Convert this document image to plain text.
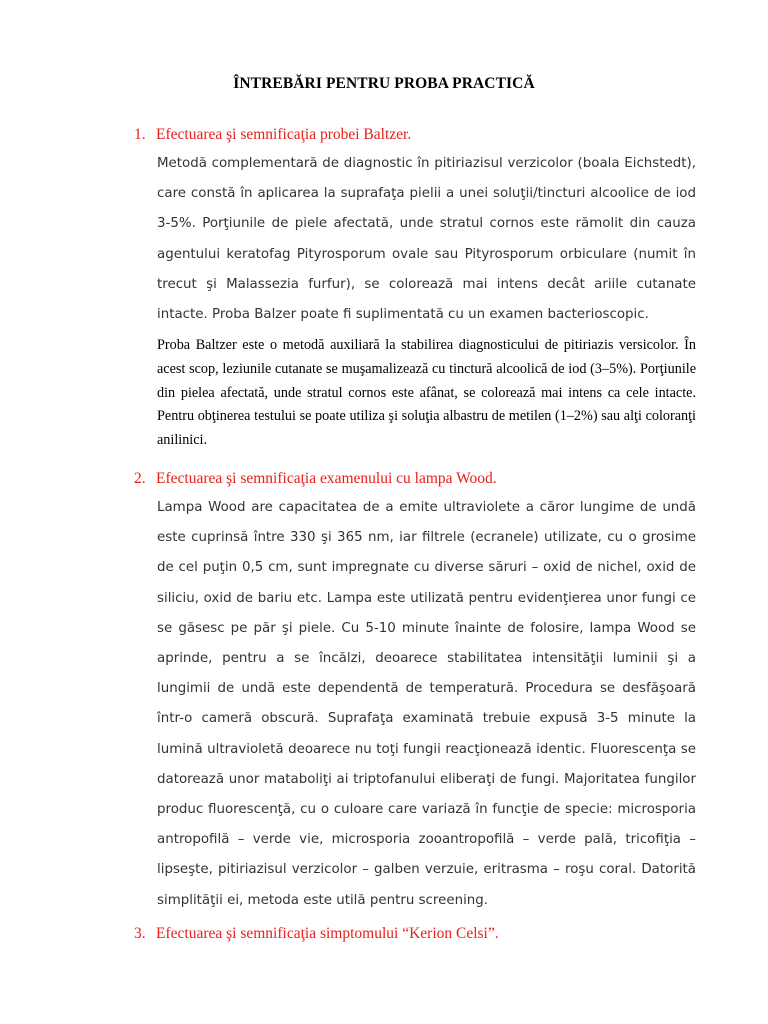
ÎNTREBĂRI PENTRU PROBA PRACTICĂ
1. Efectuarea şi semnificaţia probei Baltzer.
Metodă complementară de diagnostic în pitiriazisul verzicolor (boala Eichstedt), care constă în aplicarea la suprafaţa pielii a unei soluţii/tincturi alcoolice de iod 3-5%. Porţiunile de piele afectată, unde stratul cornos este rămolit din cauza agentului keratofag Pityrosporum ovale sau Pityrosporum orbiculare (numit în trecut şi Malassezia furfur), se colorează mai intens decât ariile cutanate intacte. Proba Balzer poate fi suplimentată cu un examen bacterioscopic.
Proba Baltzer este o metodă auxiliară la stabilirea diagnosticului de pitiriazis versicolor. În acest scop, leziunile cutanate se muşamalizează cu tinctură alcoolică de iod (3–5%). Porţiunile din pielea afectată, unde stratul cornos este afânat, se colorează mai intens ca cele intacte. Pentru obţinerea testului se poate utiliza şi soluţia albastru de metilen (1–2%) sau alţi coloranţi anilinici.
2. Efectuarea şi semnificaţia examenului cu lampa Wood.
Lampa Wood are capacitatea de a emite ultraviolete a căror lungime de undă este cuprinsă între 330 şi 365 nm, iar filtrele (ecranele) utilizate, cu o grosime de cel puţin 0,5 cm, sunt impregnate cu diverse săruri – oxid de nichel, oxid de siliciu, oxid de bariu etc. Lampa este utilizată pentru evidenţierea unor fungi ce se găsesc pe păr şi piele. Cu 5-10 minute înainte de folosire, lampa Wood se aprinde, pentru a se încălzi, deoarece stabilitatea intensităţii luminii şi a lungimii de undă este dependentă de temperatură. Procedura se desfăşoară într-o cameră obscură. Suprafaţa examinată trebuie expusă 3-5 minute la lumină ultravioletă deoarece nu toţi fungii reacţionează identic. Fluorescenţa se datorează unor mataboliţi ai triptofanului eliberaţi de fungi. Majoritatea fungilor produc fluorescenţă, cu o culoare care variază în funcţie de specie: microsporia antropofilă – verde vie, microsporia zooantropofilă – verde pală, tricofiţia – lipseşte, pitiriazisul verzicolor – galben verzuie, eritrasma – roşu coral. Datorită simplităţii ei, metoda este utilă pentru screening.
3. Efectuarea şi semnificaţia simptomului “Kerion Celsi”.
